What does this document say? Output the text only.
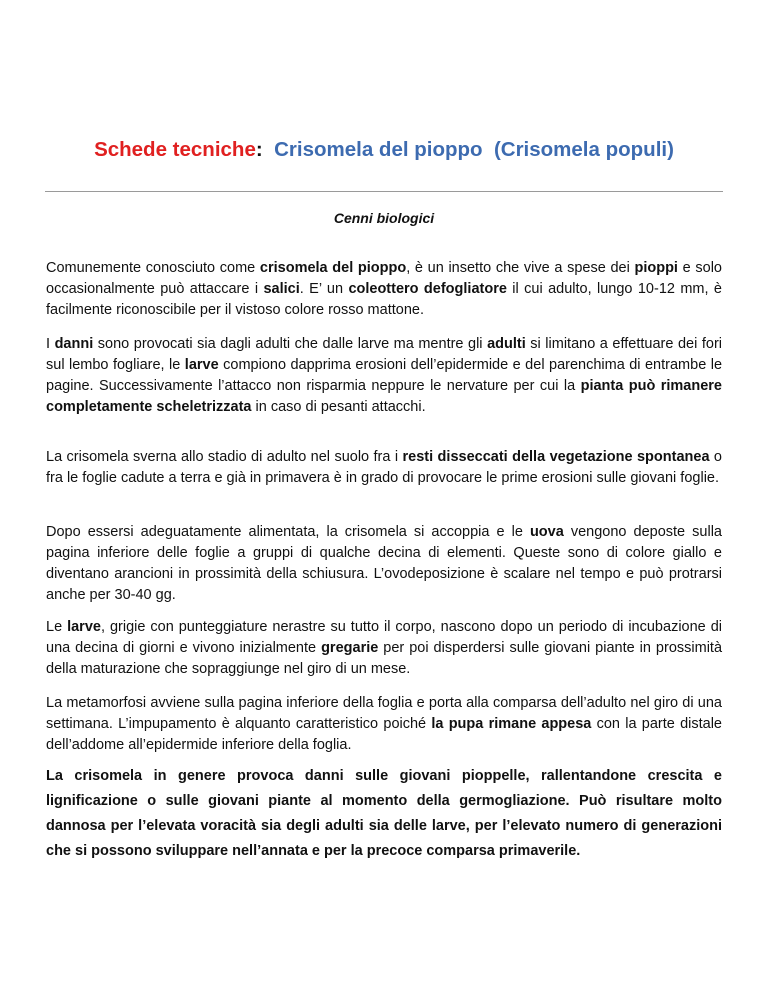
Schede tecniche: Crisomela del pioppo (Crisomela populi)
Cenni biologici

Comunemente conosciuto come crisomela del pioppo, è un insetto che vive a spese dei pioppi e solo occasionalmente può attaccare i salici. E’ un coleottero defogliatore il cui adulto, lungo 10-12 mm, è facilmente riconoscibile per il vistoso colore rosso mattone.

I danni sono provocati sia dagli adulti che dalle larve ma mentre gli adulti si limitano a effettuare dei fori sul lembo fogliare, le larve compiono dapprima erosioni dell’epidermide e del parenchima di entrambe le pagine. Successivamente l’attacco non risparmia neppure le nervature per cui la pianta può rimanere completamente scheletrizzata in caso di pesanti attacchi.

La crisomela sverna allo stadio di adulto nel suolo fra i resti disseccati della vegetazione spontanea o fra le foglie cadute a terra e già in primavera è in grado di provocare le prime erosioni sulle giovani foglie.

Dopo essersi adeguatamente alimentata, la crisomela si accoppia e le uova vengono deposte sulla pagina inferiore delle foglie a gruppi di qualche decina di elementi. Queste sono di colore giallo e diventano arancioni in prossimità della schiusura. L’ovodeposizione è scalare nel tempo e può protrarsi anche per 30-40 gg.

Le larve, grigie con punteggiature nerastre su tutto il corpo, nascono dopo un periodo di incubazione di una decina di giorni e vivono inizialmente gregarie per poi disperdersi sulle giovani piante in prossimità della maturazione che sopraggiunge nel giro di un mese.

La metamorfosi avviene sulla pagina inferiore della foglia e porta alla comparsa dell’adulto nel giro di una settimana. L’impupamento è alquanto caratteristico poiché la pupa rimane appesa con la parte distale dell’addome all’epidermide inferiore della foglia.

La crisomela in genere provoca danni sulle giovani pioppelle, rallentandone crescita e lignificazione o sulle giovani piante al momento della germogliazione. Può risultare molto dannosa per l’elevata voracità sia degli adulti sia delle larve, per l’elevato numero di generazioni che si possono sviluppare nell’annata e per la precoce comparsa primaverile.
